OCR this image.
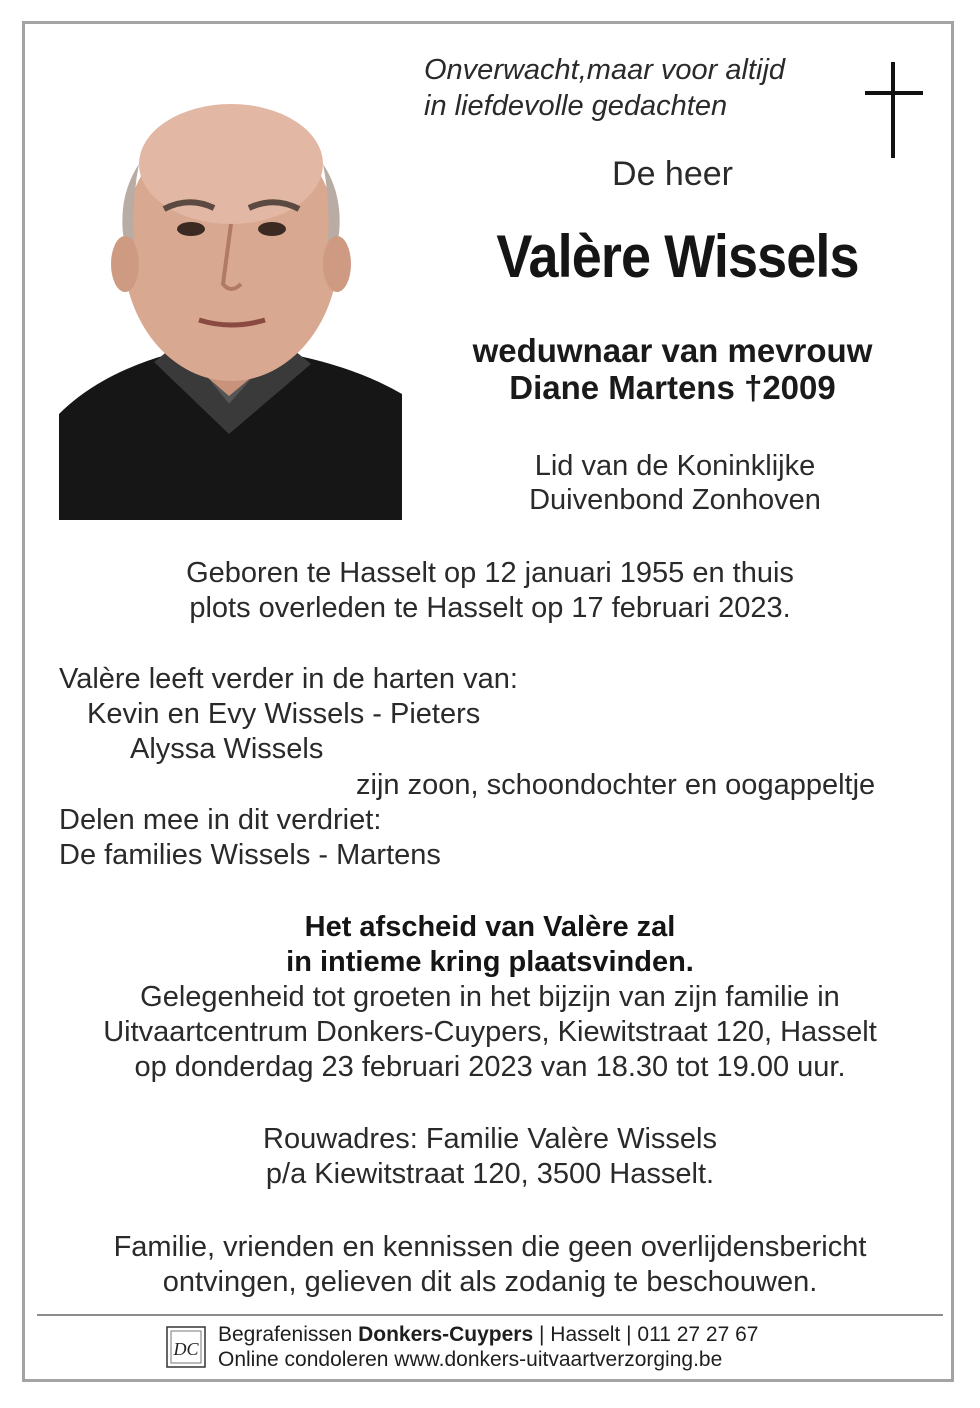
Onverwacht,maar voor altijd
in liefdevolle gedachten
De heer
Valère Wissels
weduwnaar van mevrouw
Diane Martens †2009
Lid van de Koninklijke
Duivenbond Zonhoven
Geboren te Hasselt op 12 januari 1955 en thuis
plots overleden te Hasselt op 17 februari 2023.
Valère leeft verder in de harten van:
Kevin en Evy Wissels - Pieters
Alyssa Wissels
zijn zoon, schoondochter en oogappeltje
Delen mee in dit verdriet:
De families Wissels - Martens
Het afscheid van Valère zal
in intieme kring plaatsvinden.
Gelegenheid tot groeten in het bijzijn van zijn familie in
Uitvaartcentrum Donkers-Cuypers, Kiewitstraat 120, Hasselt
op donderdag 23 februari 2023 van 18.30 tot 19.00 uur.
Rouwadres: Familie Valère Wissels
p/a Kiewitstraat 120, 3500 Hasselt.
Familie, vrienden en kennissen die geen overlijdensbericht
ontvingen, gelieven dit als zodanig te beschouwen.
DC
Begrafenissen Donkers-Cuypers | Hasselt | 011 27 27 67
Online condoleren www.donkers-uitvaartverzorging.be
